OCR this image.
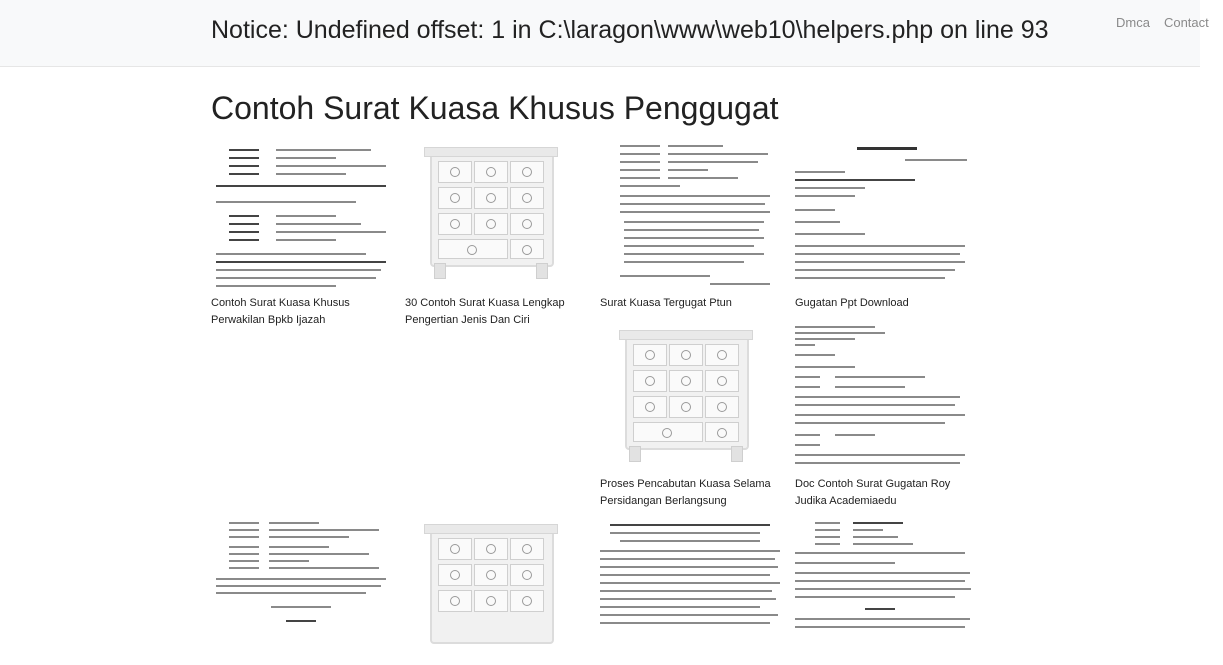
Notice: Undefined offset: 1 in C:\laragon\www\web10\helpers.php on line 93	Dmca Contact
Contoh Surat Kuasa Khusus Penggugat
Contoh Surat Kuasa Khusus Perwakilan Bpkb Ijazah
30 Contoh Surat Kuasa Lengkap Pengertian Jenis Dan Ciri
Surat Kuasa Tergugat Ptun	Gugatan Ppt Download
Proses Pencabutan Kuasa Selama Persidangan Berlangsung
Doc Contoh Surat Gugatan Roy Judika Academiaedu
